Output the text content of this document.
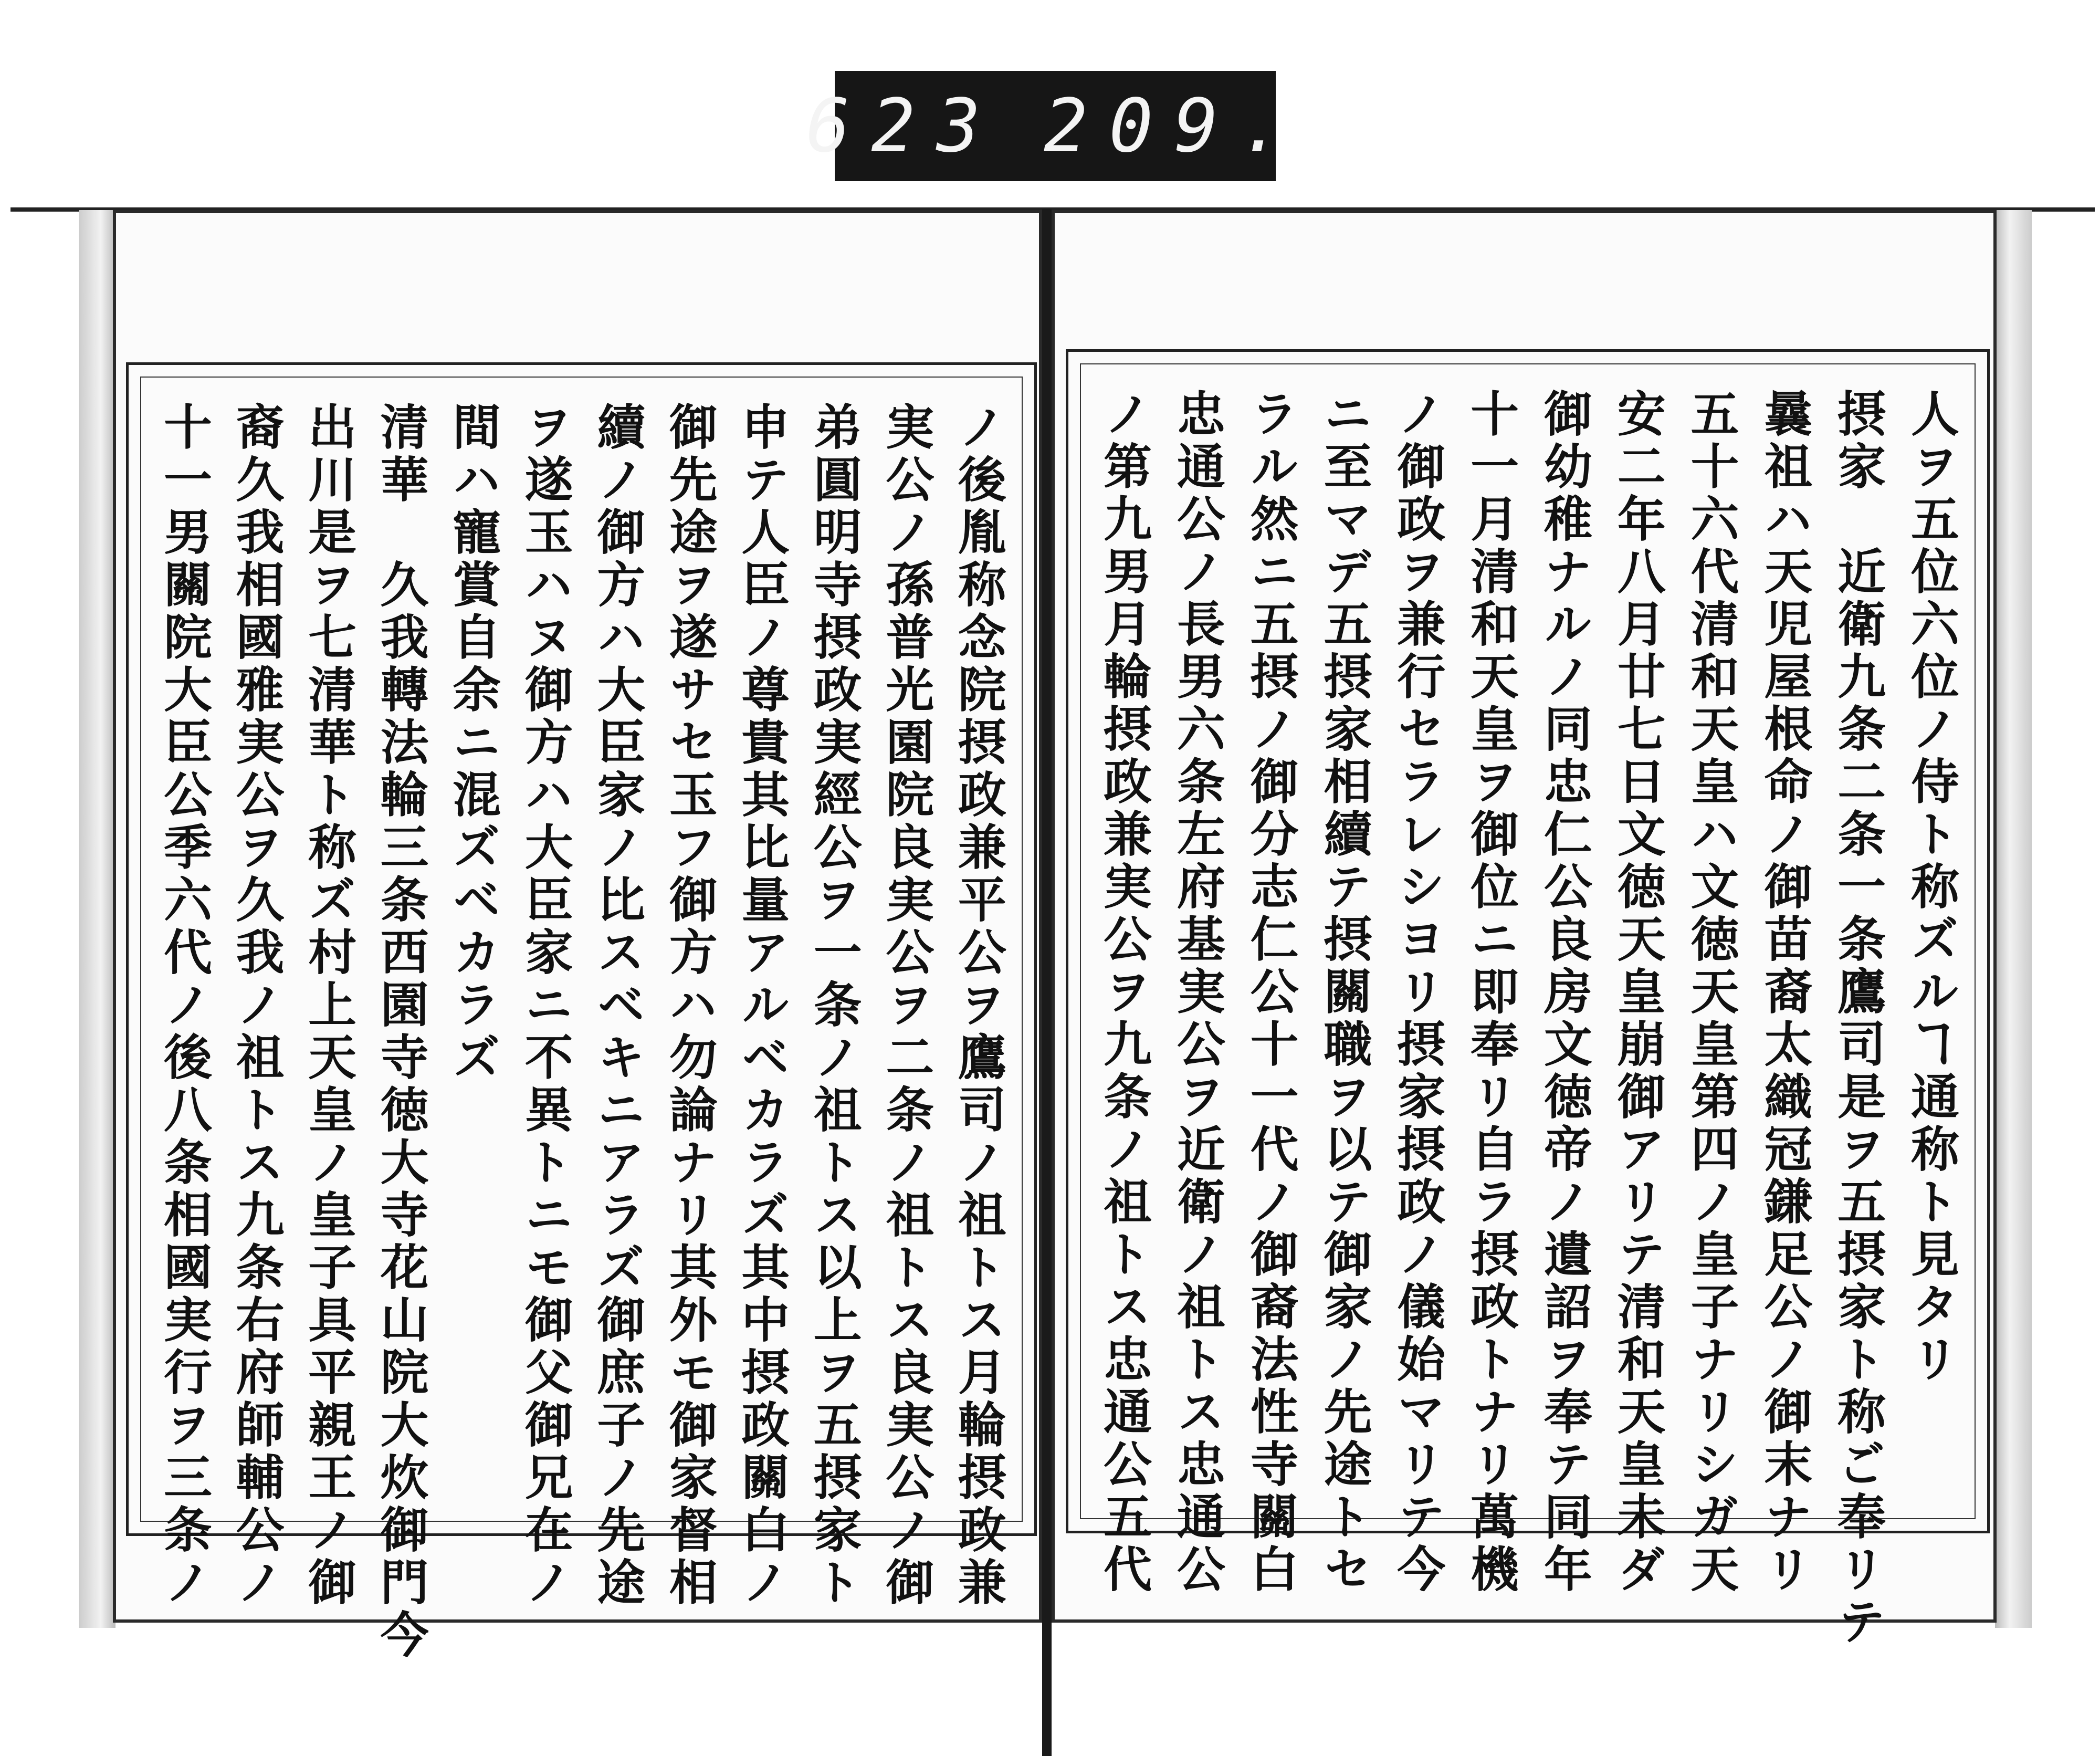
623 209.
人ヲ五位六位ノ侍ト称ズルヿ通称ト見タリ
摂家　近衛九条二条一条鷹司是ヲ五摂家ト称ご奉リテ
曩祖ハ天児屋根命ノ御苗裔太織冠鎌足公ノ御末ナリ
五十六代清和天皇ハ文徳天皇第四ノ皇子ナリシガ天
安二年八月廿七日文徳天皇崩御アリテ清和天皇未ダ
御幼稚ナルノ同忠仁公良房文徳帝ノ遺詔ヲ奉テ同年
十一月清和天皇ヲ御位ニ即奉リ自ラ摂政トナリ萬機
ノ御政ヲ兼行セラレシヨリ摂家摂政ノ儀始マリテ今
ニ至マデ五摂家相續テ摂關職ヲ以テ御家ノ先途トセ
ラル然ニ五摂ノ御分志仁公十一代ノ御裔法性寺關白
忠通公ノ長男六条左府基実公ヲ近衛ノ祖トス忠通公
ノ第九男月輪摂政兼実公ヲ九条ノ祖トス忠通公五代
ノ後胤称念院摂政兼平公ヲ鷹司ノ祖トス月輪摂政兼
実公ノ孫普光園院良実公ヲ二条ノ祖トス良実公ノ御
弟圓明寺摂政実經公ヲ一条ノ祖トス以上ヲ五摂家ト
申テ人臣ノ尊貴其比量アルベカラズ其中摂政關白ノ
御先途ヲ遂サセ玉フ御方ハ勿論ナリ其外モ御家督相
續ノ御方ハ大臣家ノ比スベキニアラズ御庶子ノ先途
ヲ遂玉ハヌ御方ハ大臣家ニ不異トニモ御父御兄在ノ
間ハ寵賞自余ニ混ズベカラズ
清華　久我轉法輪三条西園寺徳大寺花山院大炊御門今
出川是ヲ七清華ト称ズ村上天皇ノ皇子具平親王ノ御
裔久我相國雅実公ヲ久我ノ祖トス九条右府師輔公ノ
十一男關院大臣公季六代ノ後八条相國実行ヲ三条ノ
